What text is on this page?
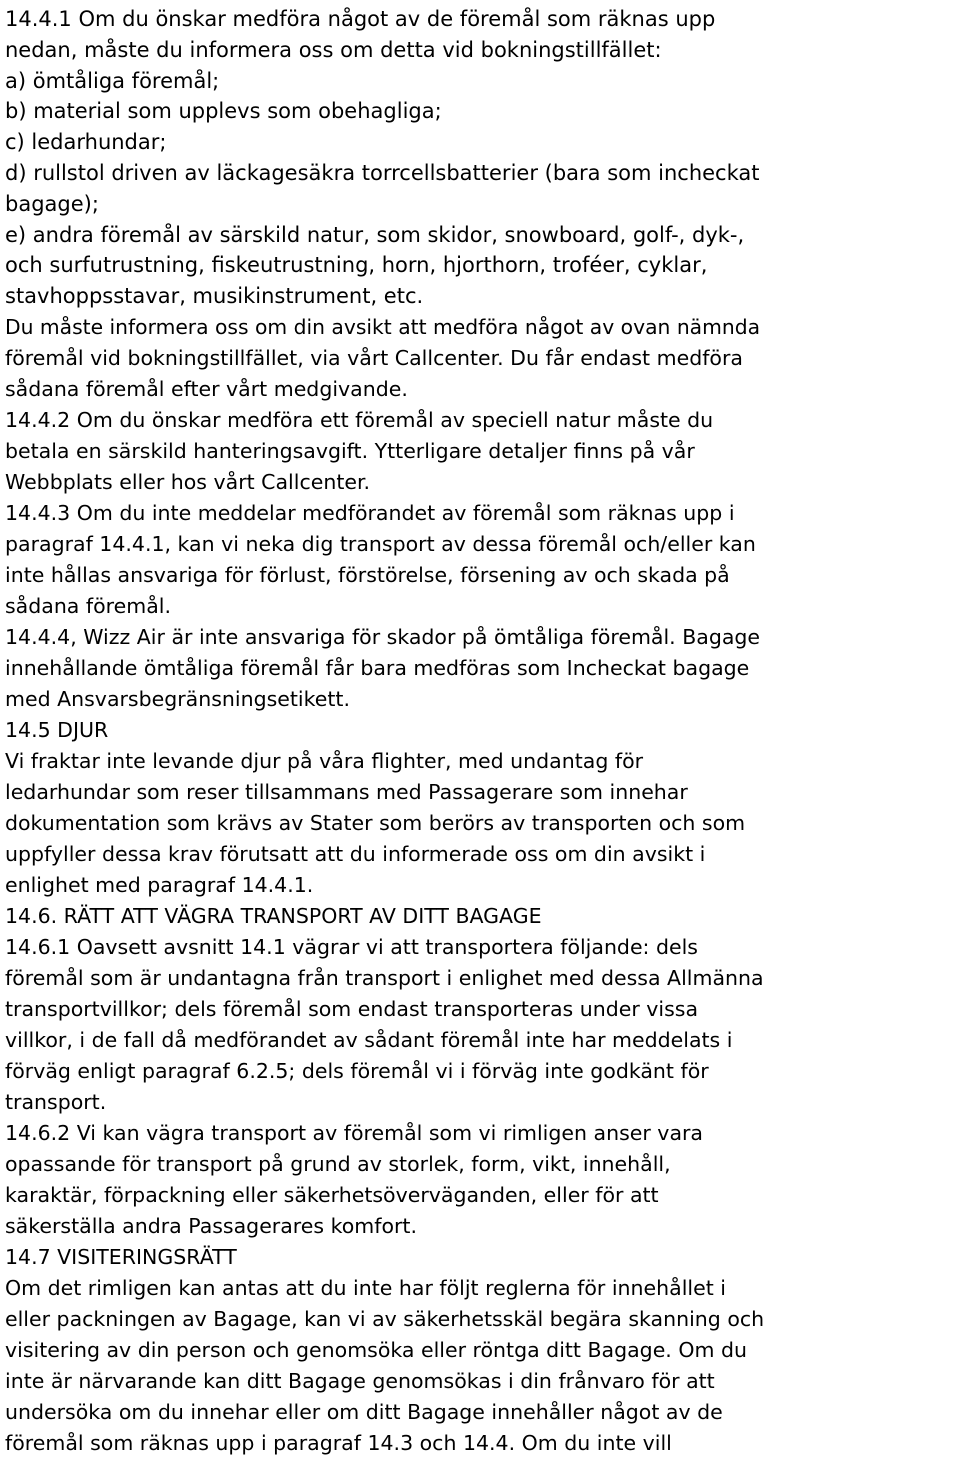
14.4.1 Om du önskar medföra något av de föremål som räknas upp
nedan, måste du informera oss om detta vid bokningstillfället:
a) ömtåliga föremål;
b) material som upplevs som obehagliga;
c) ledarhundar;
d) rullstol driven av läckagesäkra torrcellsbatterier (bara som incheckat
bagage);
e) andra föremål av särskild natur, som skidor, snowboard, golf-, dyk-,
och surfutrustning, fiskeutrustning, horn, hjorthorn, troféer, cyklar,
stavhoppsstavar, musikinstrument, etc.
Du måste informera oss om din avsikt att medföra något av ovan nämnda
föremål vid bokningstillfället, via vårt Callcenter. Du får endast medföra
sådana föremål efter vårt medgivande.
14.4.2 Om du önskar medföra ett föremål av speciell natur måste du
betala en särskild hanteringsavgift. Ytterligare detaljer finns på vår
Webbplats eller hos vårt Callcenter.
14.4.3 Om du inte meddelar medförandet av föremål som räknas upp i
paragraf 14.4.1, kan vi neka dig transport av dessa föremål och/eller kan
inte hållas ansvariga för förlust, förstörelse, försening av och skada på
sådana föremål.
14.4.4, Wizz Air är inte ansvariga för skador på ömtåliga föremål. Bagage
innehållande ömtåliga föremål får bara medföras som Incheckat bagage
med Ansvarsbegränsningsetikett.
14.5 DJUR
Vi fraktar inte levande djur på våra flighter, med undantag för
ledarhundar som reser tillsammans med Passagerare som innehar
dokumentation som krävs av Stater som berörs av transporten och som
uppfyller dessa krav förutsatt att du informerade oss om din avsikt i
enlighet med paragraf 14.4.1.
14.6. RÄTT ATT VÄGRA TRANSPORT AV DITT BAGAGE
14.6.1 Oavsett avsnitt 14.1 vägrar vi att transportera följande: dels
föremål som är undantagna från transport i enlighet med dessa Allmänna
transportvillkor; dels föremål som endast transporteras under vissa
villkor, i de fall då medförandet av sådant föremål inte har meddelats i
förväg enligt paragraf 6.2.5; dels föremål vi i förväg inte godkänt för
transport.
14.6.2 Vi kan vägra transport av föremål som vi rimligen anser vara
opassande för transport på grund av storlek, form, vikt, innehåll,
karaktär, förpackning eller säkerhetsöverväganden, eller för att
säkerställa andra Passagerares komfort.
14.7 VISITERINGSRÄTT
Om det rimligen kan antas att du inte har följt reglerna för innehållet i
eller packningen av Bagage, kan vi av säkerhetsskäl begära skanning och
visitering av din person och genomsöka eller röntga ditt Bagage. Om du
inte är närvarande kan ditt Bagage genomsökas i din frånvaro för att
undersöka om du innehar eller om ditt Bagage innehåller något av de
föremål som räknas upp i paragraf 14.3 och 14.4. Om du inte vill
